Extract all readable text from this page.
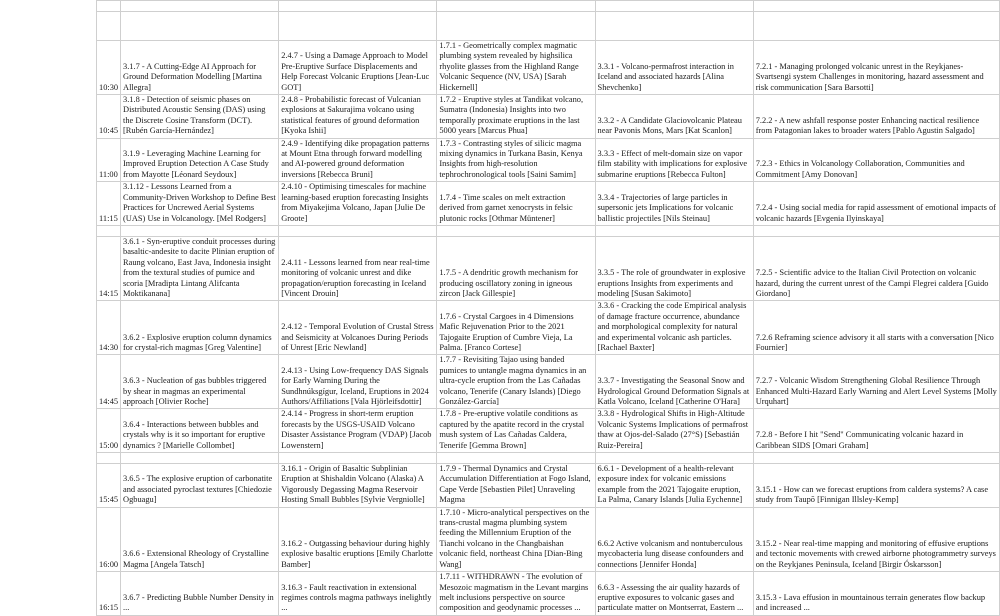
10:30	3.1.7 - A Cutting-Edge AI Approach for Ground Deformation Modelling [Martina Allegra]	2.4.7 - Using a Damage Approach to Model Pre-Eruptive Surface Displacements and Help Forecast Volcanic Eruptions [Jean-Luc GOT]	1.7.1 - Geometrically complex magmatic plumbing system revealed by highsilica rhyolite glasses from the Highland Range Volcanic Sequence (NV, USA) [Sarah Hickernell]	3.3.1 - Volcano-permafrost interaction in Iceland and associated hazards [Alina Shevchenko]	7.2.1 - Managing prolonged volcanic unrest in the Reykjanes-Svartsengi system Challenges in monitoring, hazard assessment and risk communication [Sara Barsotti]
10:45	3.1.8 - Detection of seismic phases on Distributed Acoustic Sensing (DAS) using the Discrete Cosine Transform (DCT). [Rubén García-Hernández]	2.4.8 - Probabilistic forecast of Vulcanian explosions at Sakurajima volcano using statistical features of ground deformation [Kyoka Ishii]	1.7.2 - Eruptive styles at Tandikat volcano, Sumatra (Indonesia) Insights into two temporally proximate eruptions in the last 5000 years [Marcus Phua]	3.3.2 - A Candidate Glaciovolcanic Plateau near Pavonis Mons, Mars [Kat Scanlon]	7.2.2 - A new ashfall response poster Enhancing nactical resilience from Patagonian lakes to broader waters [Pablo Agustin Salgado]
11:00	3.1.9 - Leveraging Machine Learning for Improved Eruption Detection A Case Study from Mayotte [Léonard Seydoux]	2.4.9 - Identifying dike propagation patterns at Mount Etna through forward modelling and AI-powered ground deformation inversions [Rebecca Bruni]	1.7.3 - Contrasting styles of silicic magma mixing dynamics in Turkana Basin, Kenya Insights from high-resolution tephrochronological tools [Saini Samim]	3.3.3 - Effect of melt-domain size on vapor film stability with implications for explosive submarine eruptions [Rebecca Fulton]	7.2.3 - Ethics in Volcanology Collaboration, Communities and Commitment [Amy Donovan]
11:15	3.1.12 - Lessons Learned from a Community-Driven Workshop to Define Best Practices for Uncrewed Aerial Systems (UAS) Use in Volcanology. [Mel Rodgers]	2.4.10 - Optimising timescales for machine learning-based eruption forecasting Insights from Miyakejima Volcano, Japan [Julie De Groote]	1.7.4 - Time scales on melt extraction derived from garnet xenocrysts in felsic plutonic rocks [Othmar Müntener]	3.3.4 - Trajectories of large particles in supersonic jets Implications for volcanic ballistic projectiles [Nils Steinau]	7.2.4 - Using social media for rapid assessment of emotional impacts of volcanic hazards [Evgenia Ilyinskaya]

14:15	3.6.1 - Syn-eruptive conduit processes during basaltic-andesite to dacite Plinian eruption of Raung volcano, East Java, Indonesia insight from the textural studies of pumice and scoria [Mradipta Lintang Alifcanta Moktikanana]	2.4.11 - Lessons learned from near real-time monitoring of volcanic unrest and dike propagation/eruption forecasting in Iceland [Vincent Drouin]	1.7.5 - A dendritic growth mechanism for producing oscillatory zoning in igneous zircon [Jack Gillespie]	3.3.5 - The role of groundwater in explosive eruptions Insights from experiments and modeling [Susan Sakimoto]	7.2.5 - Scientific advice to the Italian Civil Protection on volcanic hazard, during the current unrest of the Campi Flegrei caldera [Guido Giordano]
14:30	3.6.2 - Explosive eruption column dynamics for crystal-rich magmas [Greg Valentine]	2.4.12 - Temporal Evolution of Crustal Stress and Seismicity at Volcanoes During Periods of Unrest [Eric Newland]	1.7.6 - Crystal Cargoes in 4 Dimensions Mafic Rejuvenation Prior to the 2021 Tajogaite Eruption of Cumbre Vieja, La Palma. [Franco Cortese]	3.3.6 - Cracking the code Empirical analysis of damage fracture occurrence, abundance and morphological complexity for natural and experimental volcanic ash particles. [Rachael Baxter]	7.2.6 Reframing science advisory it all starts with a conversation [Nico Fournier]
14:45	3.6.3 - Nucleation of gas bubbles triggered by shear in magmas an experimental approach [Olivier Roche]	2.4.13 - Using Low-frequency DAS Signals for Early Warning During the Sundhnúksgígur, Iceland, Eruptions in 2024 Authors/Affiliations [Vala Hjörleifsdottir]	1.7.7 - Revisiting Tajao using banded pumices to untangle magma dynamics in an ultra-cycle eruption from the Las Cañadas volcano, Tenerife (Canary Islands) [Diego González-García]	3.3.7 - Investigating the Seasonal Snow and Hydrological Ground Deformation Signals at Katla Volcano, Iceland [Catherine O'Hara]	7.2.7 - Volcanic Wisdom Strengthening Global Resilience Through Enhanced Multi-Hazard Early Warning and Alert Level Systems [Molly Urquhart]
15:00	3.6.4 - Interactions between bubbles and crystals why is it so important for eruptive dynamics ? [Marielle Collombet]	2.4.14 - Progress in short-term eruption forecasts by the USGS-USAID Volcano Disaster Assistance Program (VDAP) [Jacob Lowenstern]	1.7.8 - Pre-eruptive volatile conditions as captured by the apatite record in the crystal mush system of Las Cañadas Caldera, Tenerife [Gemma Brown]	3.3.8 - Hydrological Shifts in High-Altitude Volcanic Systems Implications of permafrost thaw at Ojos-del-Salado (27°S) [Sebastián Ruiz-Pereira]	7.2.8 - Before I hit "Send" Communicating volcanic hazard in Caribbean SIDS [Omari Graham]

15:45	3.6.5 - The explosive eruption of carbonatite and associated pyroclast textures [Chiedozie Ogbuagu]	3.16.1 - Origin of Basaltic Subplinian Eruption at Shishaldin Volcano (Alaska) A Vigorously Degassing Magma Reservoir Hosting Small Bubbles [Sylvie Vergniolle]	1.7.9 - Thermal Dynamics and Crystal Accumulation Differentiation at Fogo Island, Cape Verde [Sebastien Pilet] Unraveling Magma	6.6.1 - Development of a health-relevant exposure index for volcanic emissions example from the 2021 Tajogaite eruption, La Palma, Canary Islands [Julia Eychenne]	3.15.1 - How can we forecast eruptions from caldera systems? A case study from Taupō [Finnigan Illsley-Kemp]
16:00	3.6.6 - Extensional Rheology of Crystalline Magma [Angela Tatsch]	3.16.2 - Outgassing behaviour during highly explosive basaltic eruptions [Emily Charlotte Bamber]	1.7.10 - Micro-analytical perspectives on the trans-crustal magma plumbing system feeding the Millennium Eruption of the Tianchi volcano in the Changbaishan volcanic field, northeast China [Dian-Bing Wang]	6.6.2 Active volcanism and nontuberculous mycobacteria lung disease confounders and connections [Jennifer Honda]	3.15.2 - Near real-time mapping and monitoring of effusive eruptions and tectonic movements with crewed airborne photogrammetry surveys on the Reykjanes Peninsula, Iceland [Birgir Óskarsson]
16:15	3.6.7 - Predicting Bubble Number Density in ...	3.16.3 - Fault reactivation in extensional regimes controls magma pathways inelightly ...	1.7.11 - WITHDRAWN - The evolution of Mesozoic magmatism in the Levant margins melt inclusions perspective on source composition and geodynamic processes ...	6.6.3 - Assessing the air quality hazards of eruptive exposures to volcanic gases and particulate matter on Montserrat, Eastern ...	3.15.3 - Lava effusion in mountainous terrain generates flow backup and increased ...
